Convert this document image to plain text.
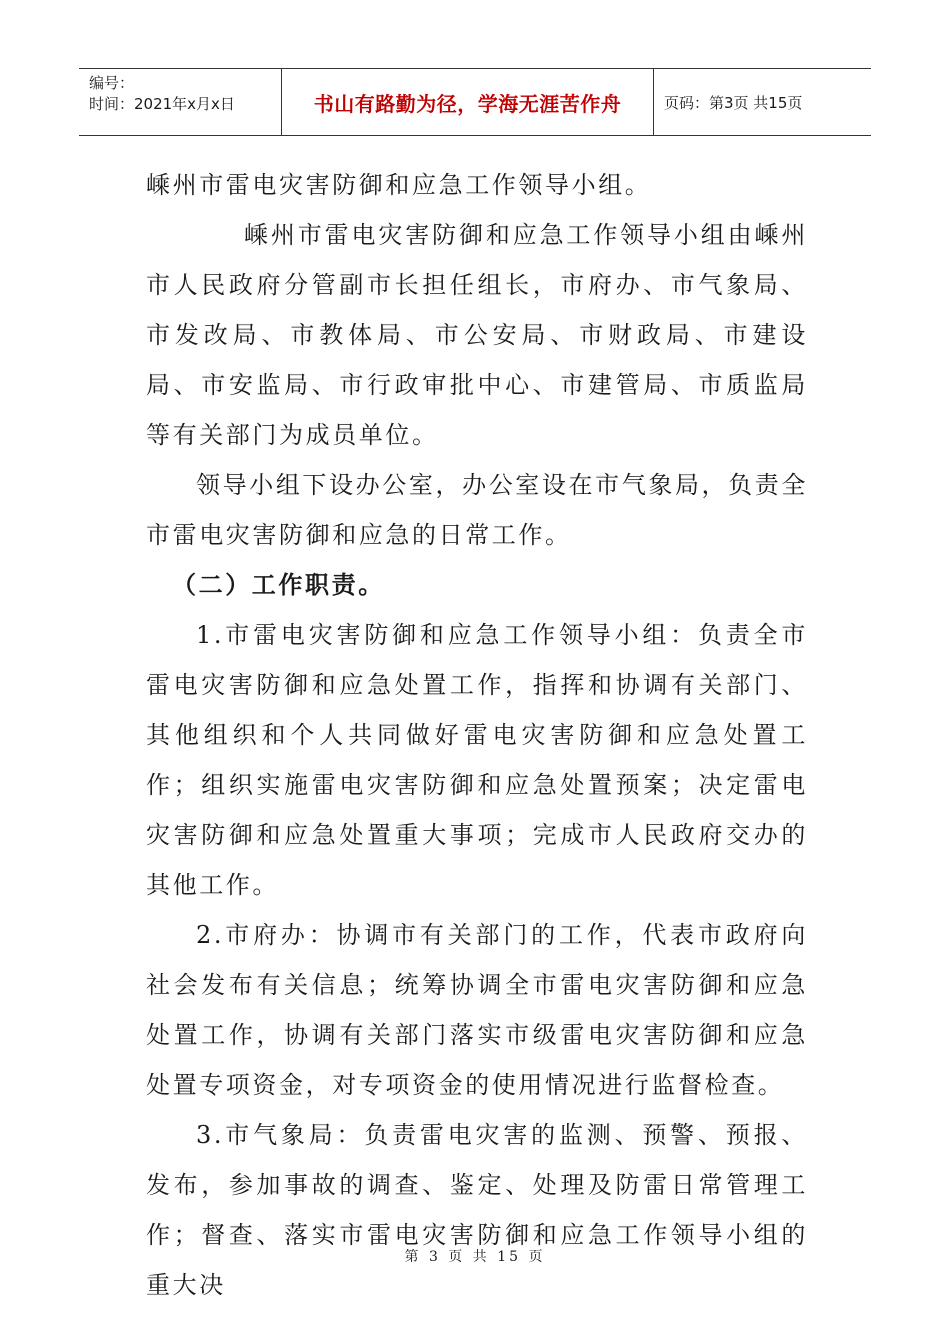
编号：
时间：2021年x月x日	书山有路勤为径，学海无涯苦作舟	页码：第3页 共15页

嵊州市雷电灾害防御和应急工作领导小组。

嵊州市雷电灾害防御和应急工作领导小组由嵊州市人民政府分管副市长担任组长，市府办、市气象局、市发改局、市教体局、市公安局、市财政局、市建设局、市安监局、市行政审批中心、市建管局、市质监局等有关部门为成员单位。

领导小组下设办公室，办公室设在市气象局，负责全市雷电灾害防御和应急的日常工作。

（二）工作职责。

1.市雷电灾害防御和应急工作领导小组：负责全市雷电灾害防御和应急处置工作，指挥和协调有关部门、其他组织和个人共同做好雷电灾害防御和应急处置工作；组织实施雷电灾害防御和应急处置预案；决定雷电灾害防御和应急处置重大事项；完成市人民政府交办的其他工作。

2.市府办：协调市有关部门的工作，代表市政府向社会发布有关信息；统筹协调全市雷电灾害防御和应急处置工作，协调有关部门落实市级雷电灾害防御和应急处置专项资金，对专项资金的使用情况进行监督检查。

3.市气象局：负责雷电灾害的监测、预警、预报、发布，参加事故的调查、鉴定、处理及防雷日常管理工作；督查、落实市雷电灾害防御和应急工作领导小组的重大决

第 3 页 共 15 页
